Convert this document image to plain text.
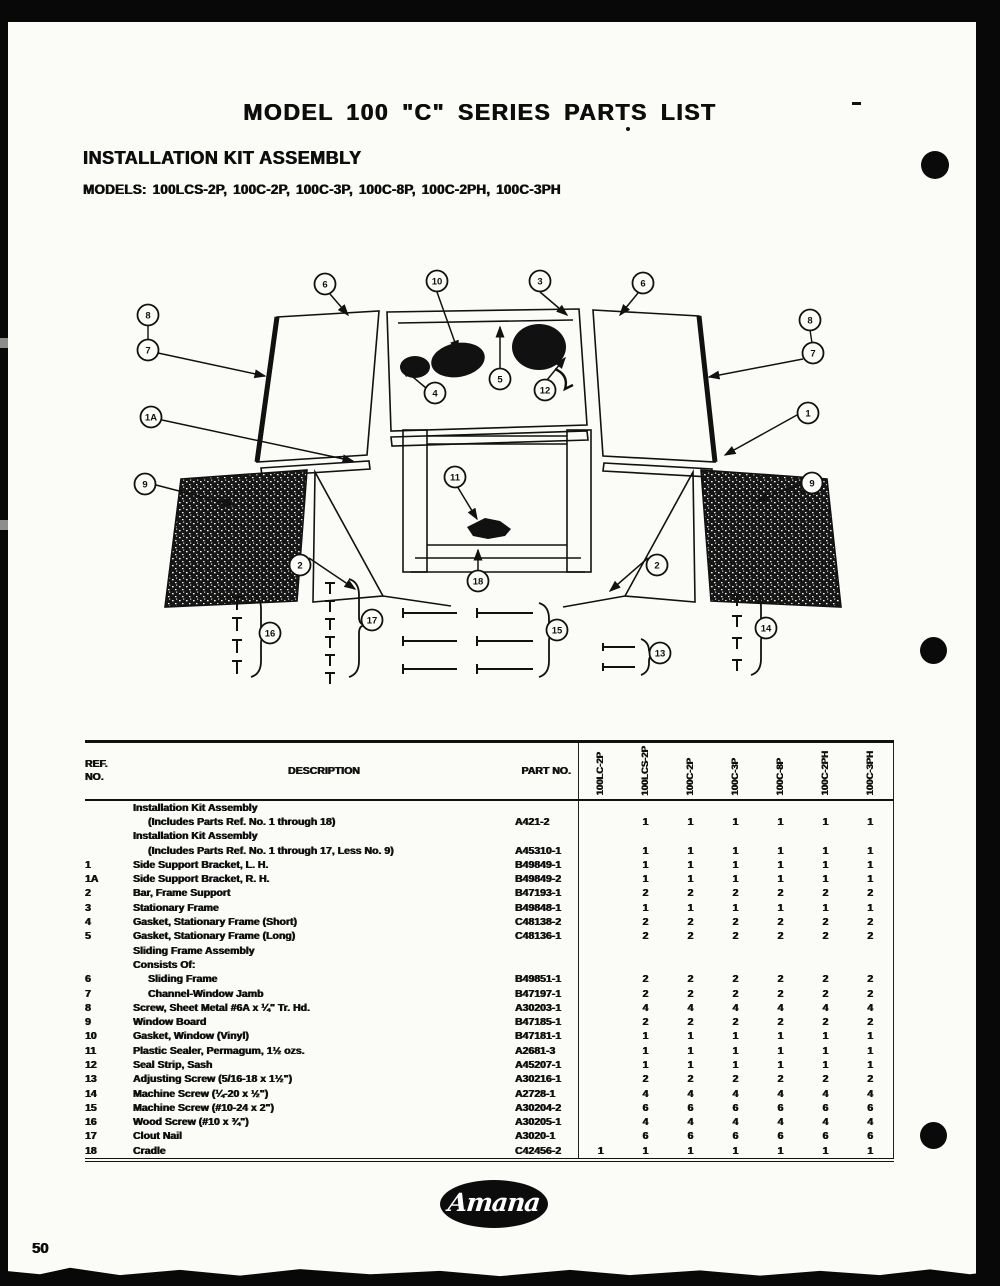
MODEL 100 "C" SERIES PARTS LIST
INSTALLATION KIT ASSEMBLY
MODELS: 100LCS-2P, 100C-2P, 100C-3P, 100C-8P, 100C-2PH, 100C-3PH
8
7
6	10	3	6
8
7
4
5
12
1A	1
9
11
9
2	2
18
16
17
15
13
14
REF.
NO.	DESCRIPTION	PART NO.	100LC-2P	100LCS-2P	100C-2P	100C-3P	100C-8P	100C-2PH	100C-3PH
	Installation Kit Assembly								
	(Includes Parts Ref. No. 1 through 18)	A421-2		1	1	1	1	1	1
	Installation Kit Assembly								
	(Includes Parts Ref. No. 1 through 17, Less No. 9)	A45310-1		1	1	1	1	1	1
1	Side Support Bracket, L. H.	B49849-1		1	1	1	1	1	1
1A	Side Support Bracket, R. H.	B49849-2		1	1	1	1	1	1
2	Bar, Frame Support	B47193-1		2	2	2	2	2	2
3	Stationary Frame	B49848-1		1	1	1	1	1	1
4	Gasket, Stationary Frame (Short)	C48138-2		2	2	2	2	2	2
5	Gasket, Stationary Frame (Long)	C48136-1		2	2	2	2	2	2
	Sliding Frame Assembly								
	Consists Of:								
6	Sliding Frame	B49851-1		2	2	2	2	2	2
7	Channel-Window Jamb	B47197-1		2	2	2	2	2	2
8	Screw, Sheet Metal #6A x ¼" Tr. Hd.	A30203-1		4	4	4	4	4	4
9	Window Board	B47185-1		2	2	2	2	2	2
10	Gasket, Window (Vinyl)	B47181-1		1	1	1	1	1	1
11	Plastic Sealer, Permagum, 1½ ozs.	A2681-3		1	1	1	1	1	1
12	Seal Strip, Sash	A45207-1		1	1	1	1	1	1
13	Adjusting Screw (5/16-18 x 1½")	A30216-1		2	2	2	2	2	2
14	Machine Screw (¼-20 x ½")	A2728-1		4	4	4	4	4	4
15	Machine Screw (#10-24 x 2")	A30204-2		6	6	6	6	6	6
16	Wood Screw (#10 x ¾")	A30205-1		4	4	4	4	4	4
17	Clout Nail	A3020-1		6	6	6	6	6	6
18	Cradle	C42456-2	1	1	1	1	1	1	1
Amana
50
